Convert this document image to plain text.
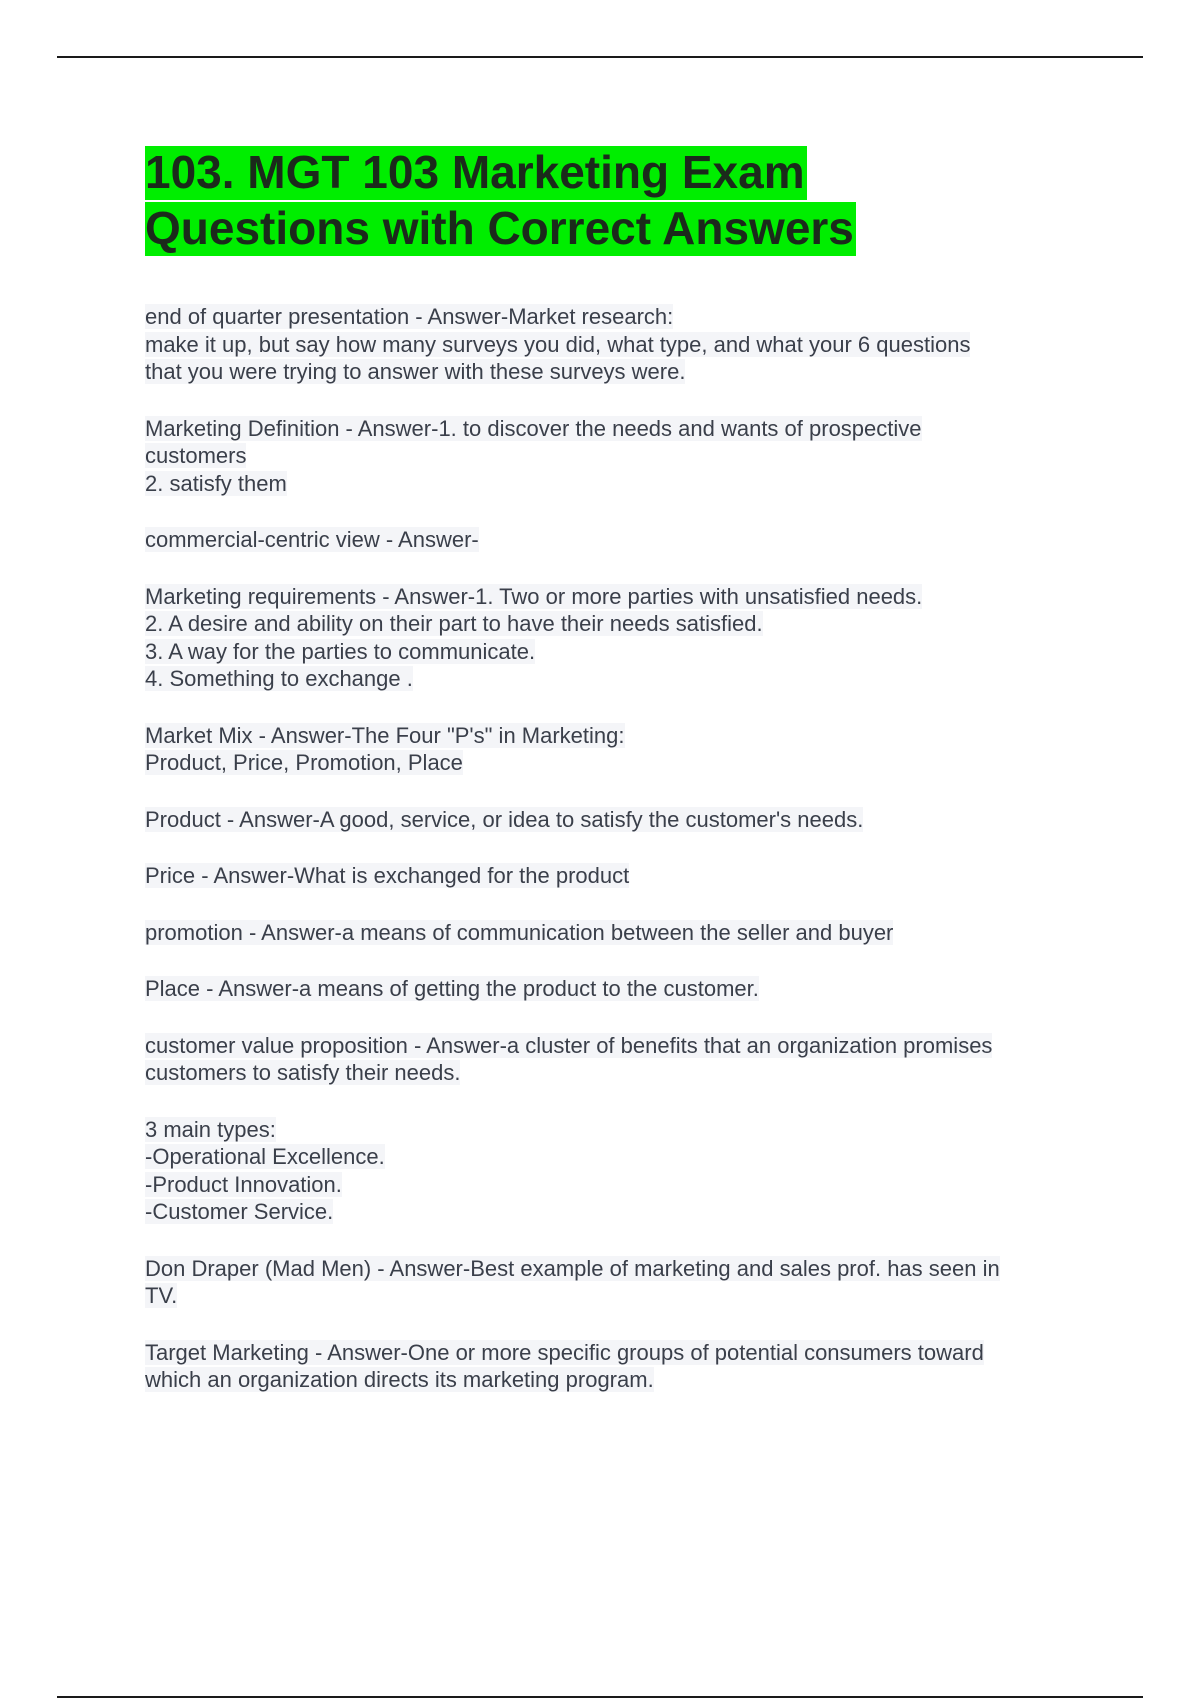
103. MGT 103 Marketing Exam
Questions with Correct Answers
end of quarter presentation - Answer-Market research:
make it up, but say how many surveys you did, what type, and what your 6 questions
that you were trying to answer with these surveys were.
Marketing Definition - Answer-1. to discover the needs and wants of prospective
customers
2. satisfy them
commercial-centric view - Answer-
Marketing requirements - Answer-1. Two or more parties with unsatisfied needs.
2. A desire and ability on their part to have their needs satisfied.
3. A way for the parties to communicate.
4. Something to exchange .
Market Mix - Answer-The Four "P's" in Marketing:
Product, Price, Promotion, Place
Product - Answer-A good, service, or idea to satisfy the customer's needs.
Price - Answer-What is exchanged for the product
promotion - Answer-a means of communication between the seller and buyer
Place - Answer-a means of getting the product to the customer.
customer value proposition - Answer-a cluster of benefits that an organization promises
customers to satisfy their needs.
3 main types:
-Operational Excellence.
-Product Innovation.
-Customer Service.
Don Draper (Mad Men) - Answer-Best example of marketing and sales prof. has seen in
TV.
Target Marketing - Answer-One or more specific groups of potential consumers toward
which an organization directs its marketing program.
